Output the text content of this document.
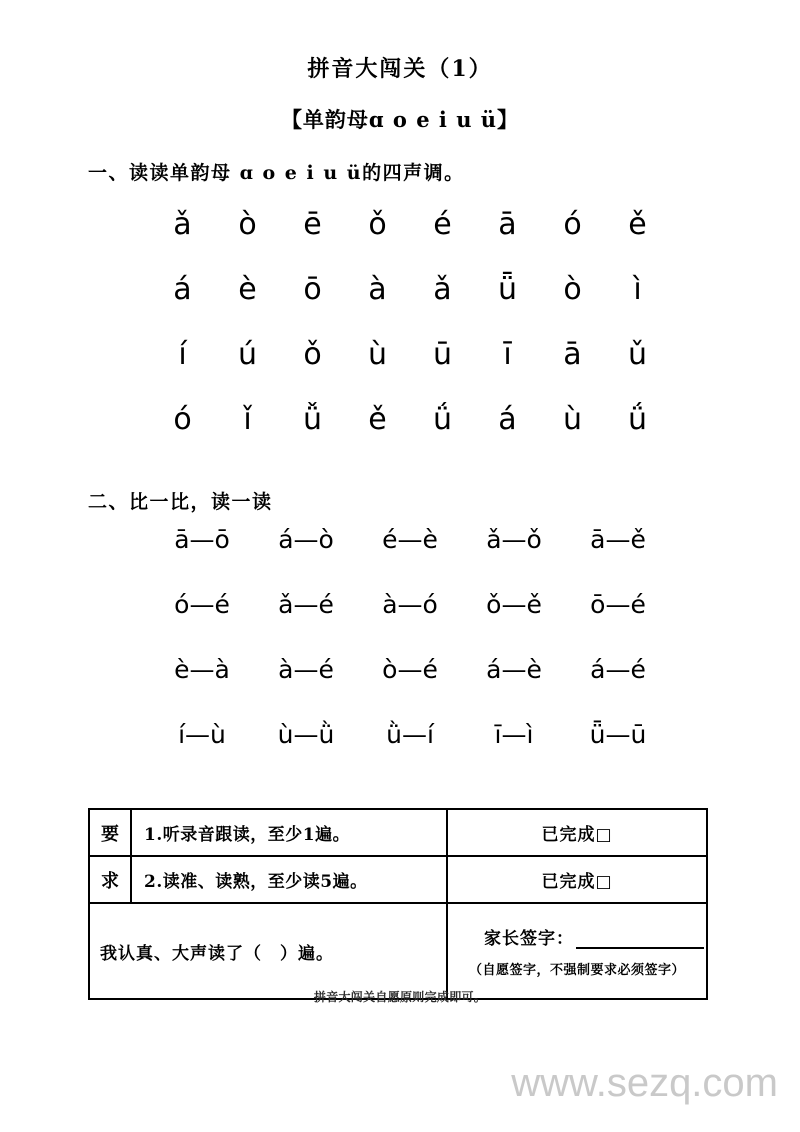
拼音大闯关（1）
【单韵母ɑ o e i u ü】
一、读读单韵母 ɑ o e i u ü的四声调。
ǎ	ò	ē	ǒ	é	ā	ó	ě
á	è	ō	à	ǎ	ǖ	ò	ì
í	ú	ǒ	ù	ū	ī	ā	ǔ
ó	ǐ	ǚ	ě	ǘ	á	ù	ǘ
二、比一比，读一读
ā—ō	á—ò	é—è	ǎ—ǒ	ā—ě
ó—é	ǎ—é	à—ó	ǒ—ě	ō—é
è—à	à—é	ò—é	á—è	á—é
í—ù	ù—ǜ	ǜ—í	ī—ì	ǖ—ū
要	1.听录音跟读，至少1遍。	已完成□
求	2.读准、读熟，至少读5遍。	已完成□
我认真、大声读了（　）遍。		家长签字：
（自愿签字，不强制要求必须签字）
拼音大闯关自愿原则完成即可。
www.sezq.com
